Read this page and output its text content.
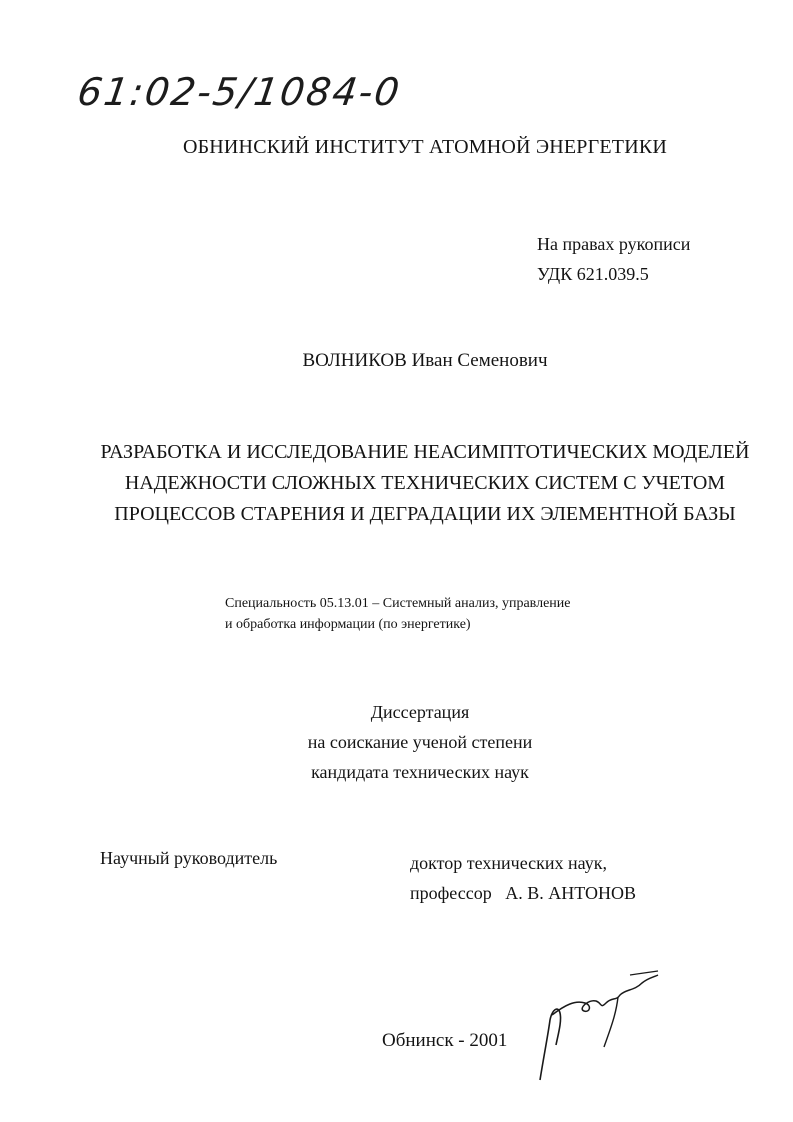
61:02-5/1084-0
ОБНИНСКИЙ ИНСТИТУТ АТОМНОЙ ЭНЕРГЕТИКИ
На правах рукописи
УДК 621.039.5
ВОЛНИКОВ Иван Семенович
РАЗРАБОТКА И ИССЛЕДОВАНИЕ НЕАСИМПТОТИЧЕСКИХ МОДЕЛЕЙ
НАДЕЖНОСТИ СЛОЖНЫХ ТЕХНИЧЕСКИХ СИСТЕМ С УЧЕТОМ
ПРОЦЕССОВ СТАРЕНИЯ И ДЕГРАДАЦИИ ИХ ЭЛЕМЕНТНОЙ БАЗЫ
Специальность 05.13.01 – Системный анализ, управление
и обработка информации (по энергетике)
Диссертация
на соискание ученой степени
кандидата технических наук
Научный руководитель	доктор технических наук,
профессор   А. В. АНТОНОВ
Обнинск - 2001
